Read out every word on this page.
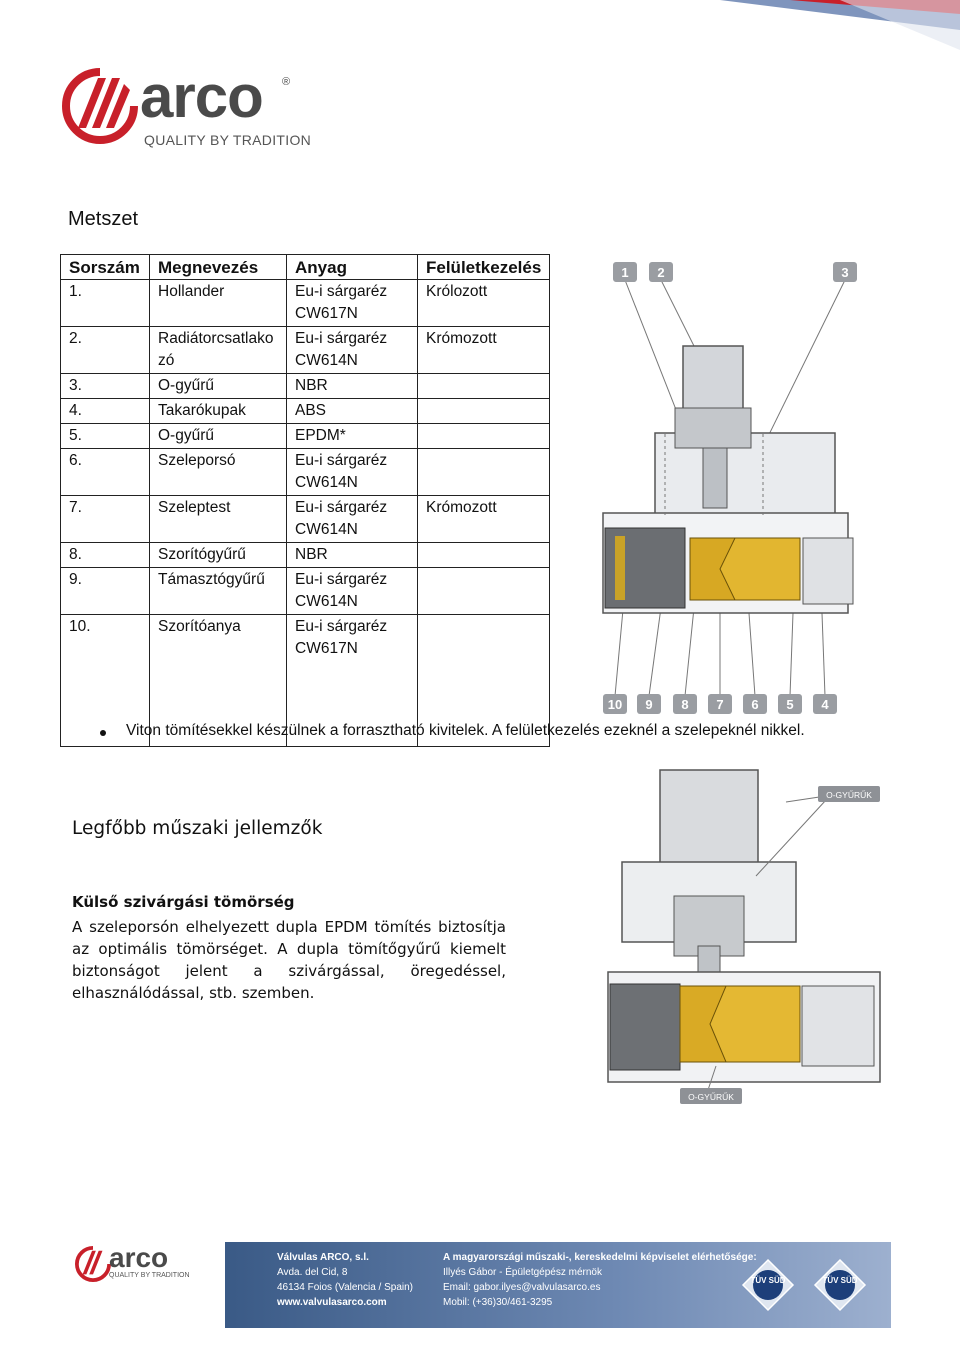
arco ®
QUALITY BY TRADITION
Metszet
Sorszám	Megnevezés	Anyag	Felületkezelés
1.	Hollander	Eu-i sárgaréz CW617N	Królozott
2.	Radiátorcsatlakozó	Eu-i sárgaréz CW614N	Krómozott
3.	O-gyűrű	NBR	
4.	Takarókupak	ABS	
5.	O-gyűrű	EPDM*	
6.	Szeleporsó	Eu-i sárgaréz CW614N	
7.	Szeleptest	Eu-i sárgaréz CW614N	Krómozott
8.	Szorítógyűrű	NBR	
9.	Támasztógyűrű	Eu-i sárgaréz CW614N	
10.	Szorítóanya	Eu-i sárgaréz CW617N	
1 2	3
10 9 8 7 6 5 4
Viton tömítésekkel készülnek a forrasztható kivitelek. A felületkezelés ezeknél a szelepeknél nikkel.
Legfőbb műszaki jellemzők
Külső szivárgási tömörség
A szeleporsón elhelyezett dupla EPDM tömítés biztosítja az optimális tömörséget. A dupla tömítőgyűrű kiemelt biztonságot jelent a szivárgással, öregedéssel, elhasználódással, stb. szemben.
O-GYŰRŰK
O-GYŰRŰK
arco
QUALITY BY TRADITION
Válvulas ARCO, s.l.
Avda. del Cid, 8
46134 Foios (Valencia / Spain)
www.valvulasarco.com
A magyarországi műszaki-, kereskedelmi képviselet elérhetősége:
Illyés Gábor - Épületgépész mérnök
Email: gabor.ilyes@valvulasarco.es
Mobil: (+36)30/461-3295
TÜV SÜD	TÜV SÜD
